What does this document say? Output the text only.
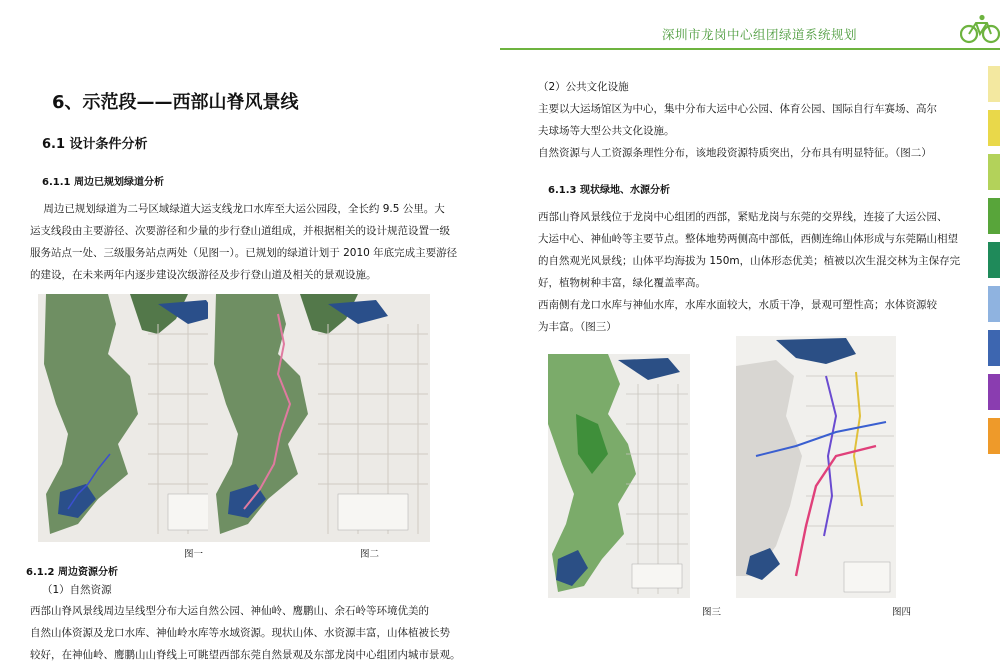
深圳市龙岗中心组团绿道系统规划
6、示范段——西部山脊风景线
6.1 设计条件分析
6.1.1 周边已规划绿道分析
周边已规划绿道为二号区域绿道大运支线龙口水库至大运公园段，全长约 9.5 公里。大
运支线段由主要游径、次要游径和少量的步行登山道组成，并根据相关的设计规范设置一级
服务站点一处、三级服务站点两处（见图一）。已规划的绿道计划于 2010 年底完成主要游径
的建设，在未来两年内逐步建设次级游径及步行登山道及相关的景观设施。
图一	图二
6.1.2 周边资源分析
（1）自然资源
西部山脊风景线周边呈线型分布大运自然公园、神仙岭、鹰鹏山、余石岭等环境优美的
自然山体资源及龙口水库、神仙岭水库等水域资源。现状山体、水资源丰富，山体植被长势
较好，在神仙岭、鹰鹏山山脊线上可眺望西部东莞自然景观及东部龙岗中心组团内城市景观。
（2）公共文化设施
主要以大运场馆区为中心，集中分布大运中心公园、体育公园、国际自行车赛场、高尔
夫球场等大型公共文化设施。
自然资源与人工资源条理性分布，该地段资源特质突出，分布具有明显特征。（图二）
6.1.3 现状绿地、水源分析
西部山脊风景线位于龙岗中心组团的西部，紧贴龙岗与东莞的交界线，连接了大运公园、
大运中心、神仙岭等主要节点。整体地势两侧高中部低，西侧连绵山体形成与东莞隔山相望
的自然观光风景线；山体平均海拔为 150m，山体形态优美；植被以次生混交林为主保存完
好，植物树种丰富，绿化覆盖率高。
西南侧有龙口水库与神仙水库，水库水面较大，水质干净，景观可塑性高；水体资源较
为丰富。（图三）
图三	图四
